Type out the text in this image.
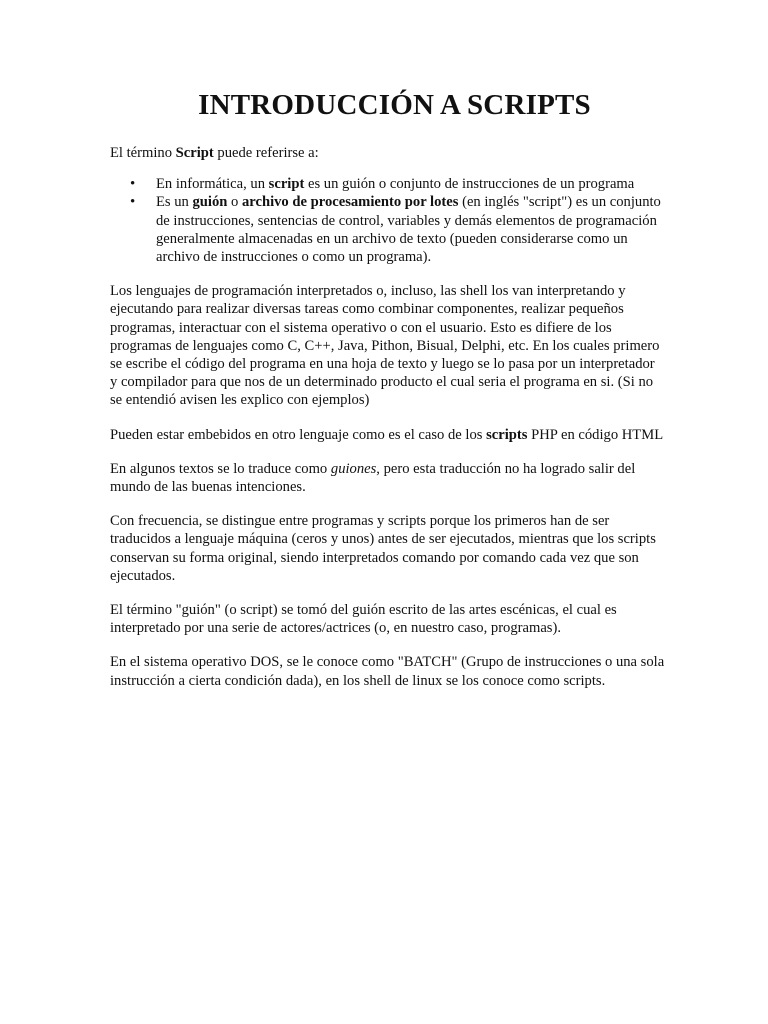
INTRODUCCIÓN A SCRIPTS

El término Script puede referirse a:

• En informática, un script es un guión o conjunto de instrucciones de un programa
• Es un guión o archivo de procesamiento por lotes (en inglés "script") es un conjunto de instrucciones, sentencias de control, variables y demás elementos de programación generalmente almacenadas en un archivo de texto (pueden considerarse como un archivo de instrucciones o como un programa).

Los lenguajes de programación interpretados o, incluso, las shell los van interpretando y ejecutando para realizar diversas tareas como combinar componentes, realizar pequeños programas, interactuar con el sistema operativo o con el usuario. Esto es difiere de los programas de lenguajes como C, C++, Java, Pithon, Bisual, Delphi, etc. En los cuales primero se escribe el código del programa en una hoja de texto y luego se lo pasa por un interpretador y compilador para que nos de un determinado producto el cual seria el programa en si. (Si no se entendió avisen les explico con ejemplos)

Pueden estar embebidos en otro lenguaje como es el caso de los scripts PHP en código HTML

En algunos textos se lo traduce como guiones, pero esta traducción no ha logrado salir del mundo de las buenas intenciones.

Con frecuencia, se distingue entre programas y scripts porque los primeros han de ser traducidos a lenguaje máquina (ceros y unos) antes de ser ejecutados, mientras que los scripts conservan su forma original, siendo interpretados comando por comando cada vez que son ejecutados.

El término "guión" (o script) se tomó del guión escrito de las artes escénicas, el cual es interpretado por una serie de actores/actrices (o, en nuestro caso, programas).

En el sistema operativo DOS, se le conoce como "BATCH" (Grupo de instrucciones o una sola instrucción a cierta condición dada), en los shell de linux se los conoce como scripts.
